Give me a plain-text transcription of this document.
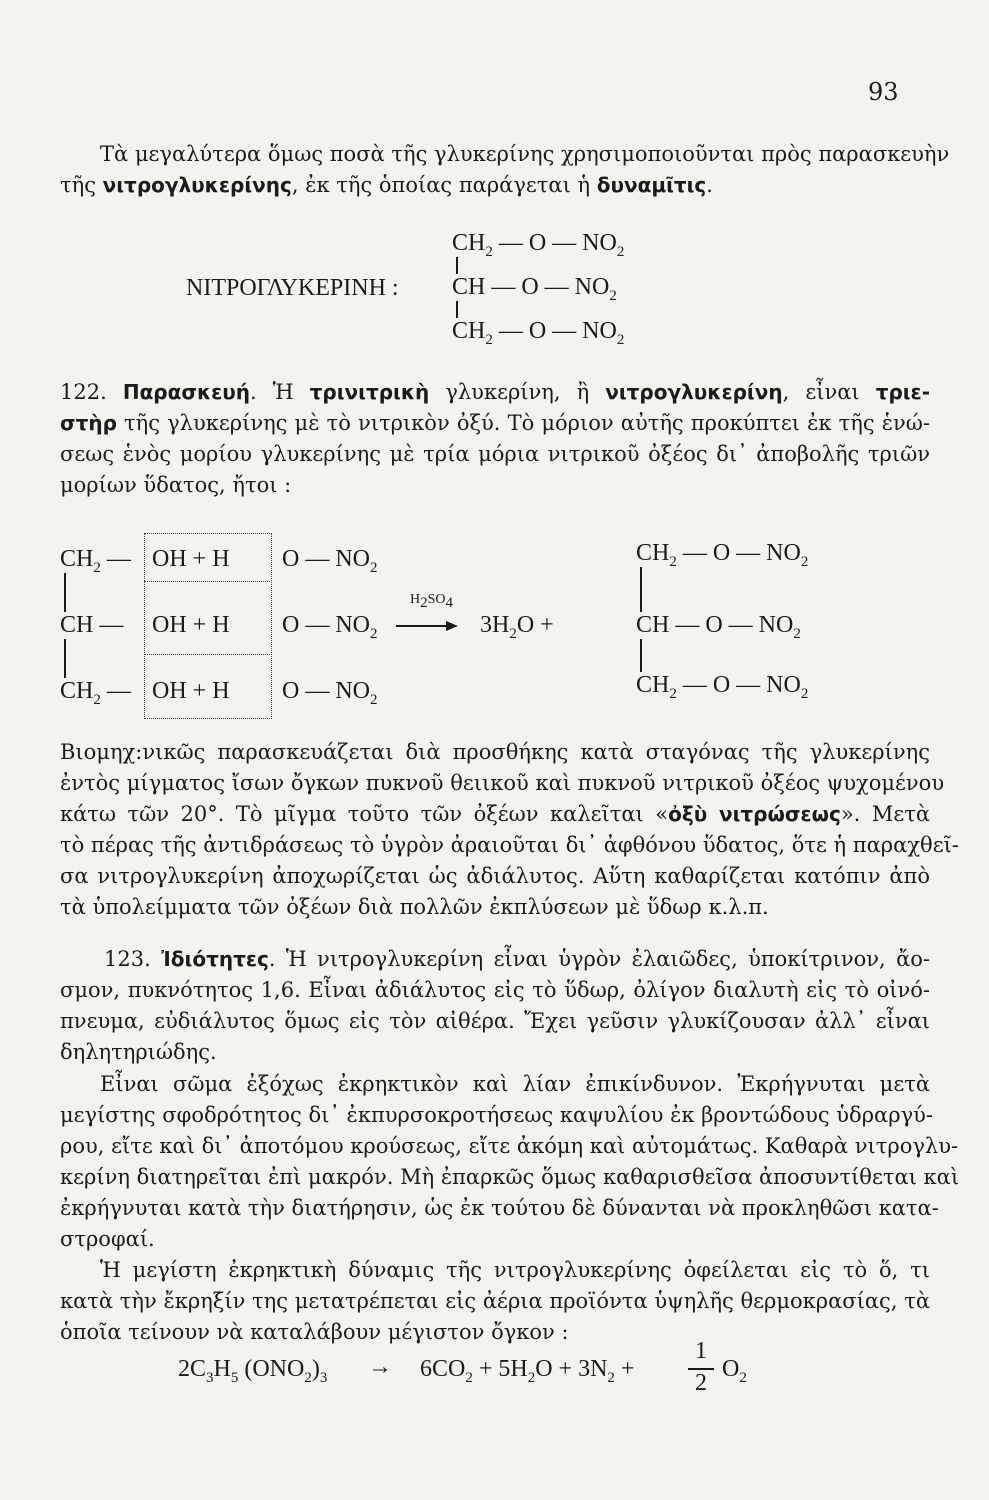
93
Τὰ μεγαλύτερα ὅμως ποσὰ τῆς γλυκερίνης χρησιμοποιοῦνται πρὸς παρασκευὴν
τῆς νιτρογλυκερίνης, ἐκ τῆς ὁποίας παράγεται ἡ δυναμῖτις.
ΝΙΤΡΟΓΛΥΚΕΡΙΝΗ :
$CH_2$ — O — $NO_2$
CH — O — $NO_2$
$CH_2$ — O — $NO_2$
122. Παρασκευή. Ἡ τρινιτρικὴ γλυκερίνη, ἢ νιτρογλυκερίνη, εἶναι τριε-
στὴρ τῆς γλυκερίνης μὲ τὸ νιτρικὸν ὀξύ. Τὸ μόριον αὐτῆς προκύπτει ἐκ τῆς ἑνώ-
σεως ἑνὸς μορίου γλυκερίνης μὲ τρία μόρια νιτρικοῦ ὀξέος δι᾽ ἀποβολῆς τριῶν
μορίων ὕδατος, ἤτοι :
$CH_2$ —
CH —
$CH_2$ —
OH + H
OH + H
OH + H
O — $NO_2$
O — $NO_2$
O — $NO_2$
$H_2SO_4$
$3H_2O$ +
$CH_2$ — O — $NO_2$
CH — O — $NO_2$
$CH_2$ — O — $NO_2$
Βιομηχ:νικῶς παρασκευάζεται διὰ προσθήκης κατὰ σταγόνας τῆς γλυκερίνης
ἐντὸς μίγματος ἴσων ὄγκων πυκνοῦ θειικοῦ καὶ πυκνοῦ νιτρικοῦ ὀξέος ψυχομένου
κάτω τῶν 20°. Τὸ μῖγμα τοῦτο τῶν ὀξέων καλεῖται «ὀξὺ νιτρώσεως». Μετὰ
τὸ πέρας τῆς ἀντιδράσεως τὸ ὑγρὸν ἀραιοῦται δι᾽ ἀφθόνου ὕδατος, ὅτε ἡ παραχθεῖ-
σα νιτρογλυκερίνη ἀποχωρίζεται ὡς ἀδιάλυτος. Αὕτη καθαρίζεται κατόπιν ἀπὸ
τὰ ὑπολείμματα τῶν ὀξέων διὰ πολλῶν ἐκπλύσεων μὲ ὕδωρ κ.λ.π.
123. Ἰδιότητες. Ἡ νιτρογλυκερίνη εἶναι ὑγρὸν ἐλαιῶδες, ὑποκίτρινον, ἄο-
σμον, πυκνότητος 1,6. Εἶναι ἀδιάλυτος εἰς τὸ ὕδωρ, ὀλίγον διαλυτὴ εἰς τὸ οἰνό-
πνευμα, εὐδιάλυτος ὅμως εἰς τὸν αἰθέρα. Ἔχει γεῦσιν γλυκίζουσαν ἀλλ᾽ εἶναι
δηλητηριώδης.
Εἶναι σῶμα ἐξόχως ἐκρηκτικὸν καὶ λίαν ἐπικίνδυνον. Ἐκρήγνυται μετὰ
μεγίστης σφοδρότητος δι᾽ ἐκπυρσοκροτήσεως καψυλίου ἐκ βροντώδους ὑδραργύ-
ρου, εἴτε καὶ δι᾽ ἀποτόμου κρούσεως, εἴτε ἀκόμη καὶ αὐτομάτως. Καθαρὰ νιτρογλυ-
κερίνη διατηρεῖται ἐπὶ μακρόν. Μὴ ἐπαρκῶς ὅμως καθαρισθεῖσα ἀποσυντίθεται καὶ
ἐκρήγνυται κατὰ τὴν διατήρησιν, ὡς ἐκ τούτου δὲ δύνανται νὰ προκληθῶσι κατα-
στροφαί.
Ἡ μεγίστη ἐκρηκτικὴ δύναμις τῆς νιτρογλυκερίνης ὀφείλεται εἰς τὸ ὅ, τι
κατὰ τὴν ἔκρηξίν της μετατρέπεται εἰς ἀέρια προϊόντα ὑψηλῆς θερμοκρασίας, τὰ
ὁποῖα τείνουν νὰ καταλάβουν μέγιστον ὄγκον :
$2C_3H_5$ $(ONO_2)_3 \to 6CO_2 + 5H_2O + 3N_2$ +
1
2
$O_2$
